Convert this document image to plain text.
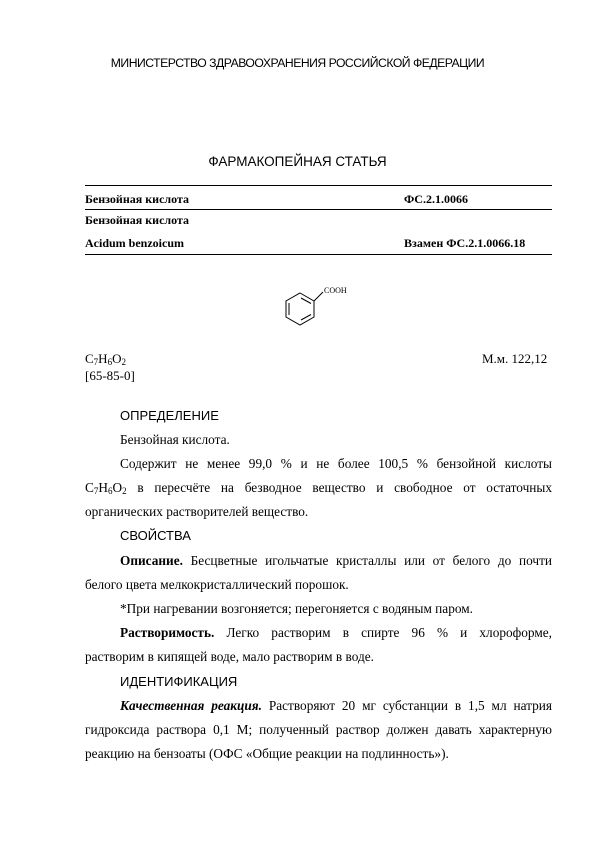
МИНИСТЕРСТВО ЗДРАВООХРАНЕНИЯ РОССИЙСКОЙ ФЕДЕРАЦИИ
ФАРМАКОПЕЙНАЯ СТАТЬЯ
Бензойная кислота	ФС.2.1.0066
Бензойная кислота
Acidum benzoicum	Взамен ФС.2.1.0066.18
COOH
$C_7H_6O_2$	М.м. 122,12
[65-85-0]
ОПРЕДЕЛЕНИЕ

Бензойная кислота.

Содержит не менее 99,0 % и не более 100,5 % бензойной кислоты

$C_7H_6O_2$ в пересчёте на безводное вещество и свободное от остаточных

органических растворителей вещество.

СВОЙСТВА

Описание. Бесцветные игольчатые кристаллы или от белого до почти

белого цвета мелкокристаллический порошок.

*При нагревании возгоняется; перегоняется с водяным паром.

Растворимость. Легко растворим в спирте 96 % и хлороформе,

растворим в кипящей воде, мало растворим в воде.

ИДЕНТИФИКАЦИЯ

Качественная реакция. Растворяют 20 мг субстанции в 1,5 мл натрия

гидроксида раствора 0,1 М; полученный раствор должен давать характерную

реакцию на бензоаты (ОФС «Общие реакции на подлинность»).
